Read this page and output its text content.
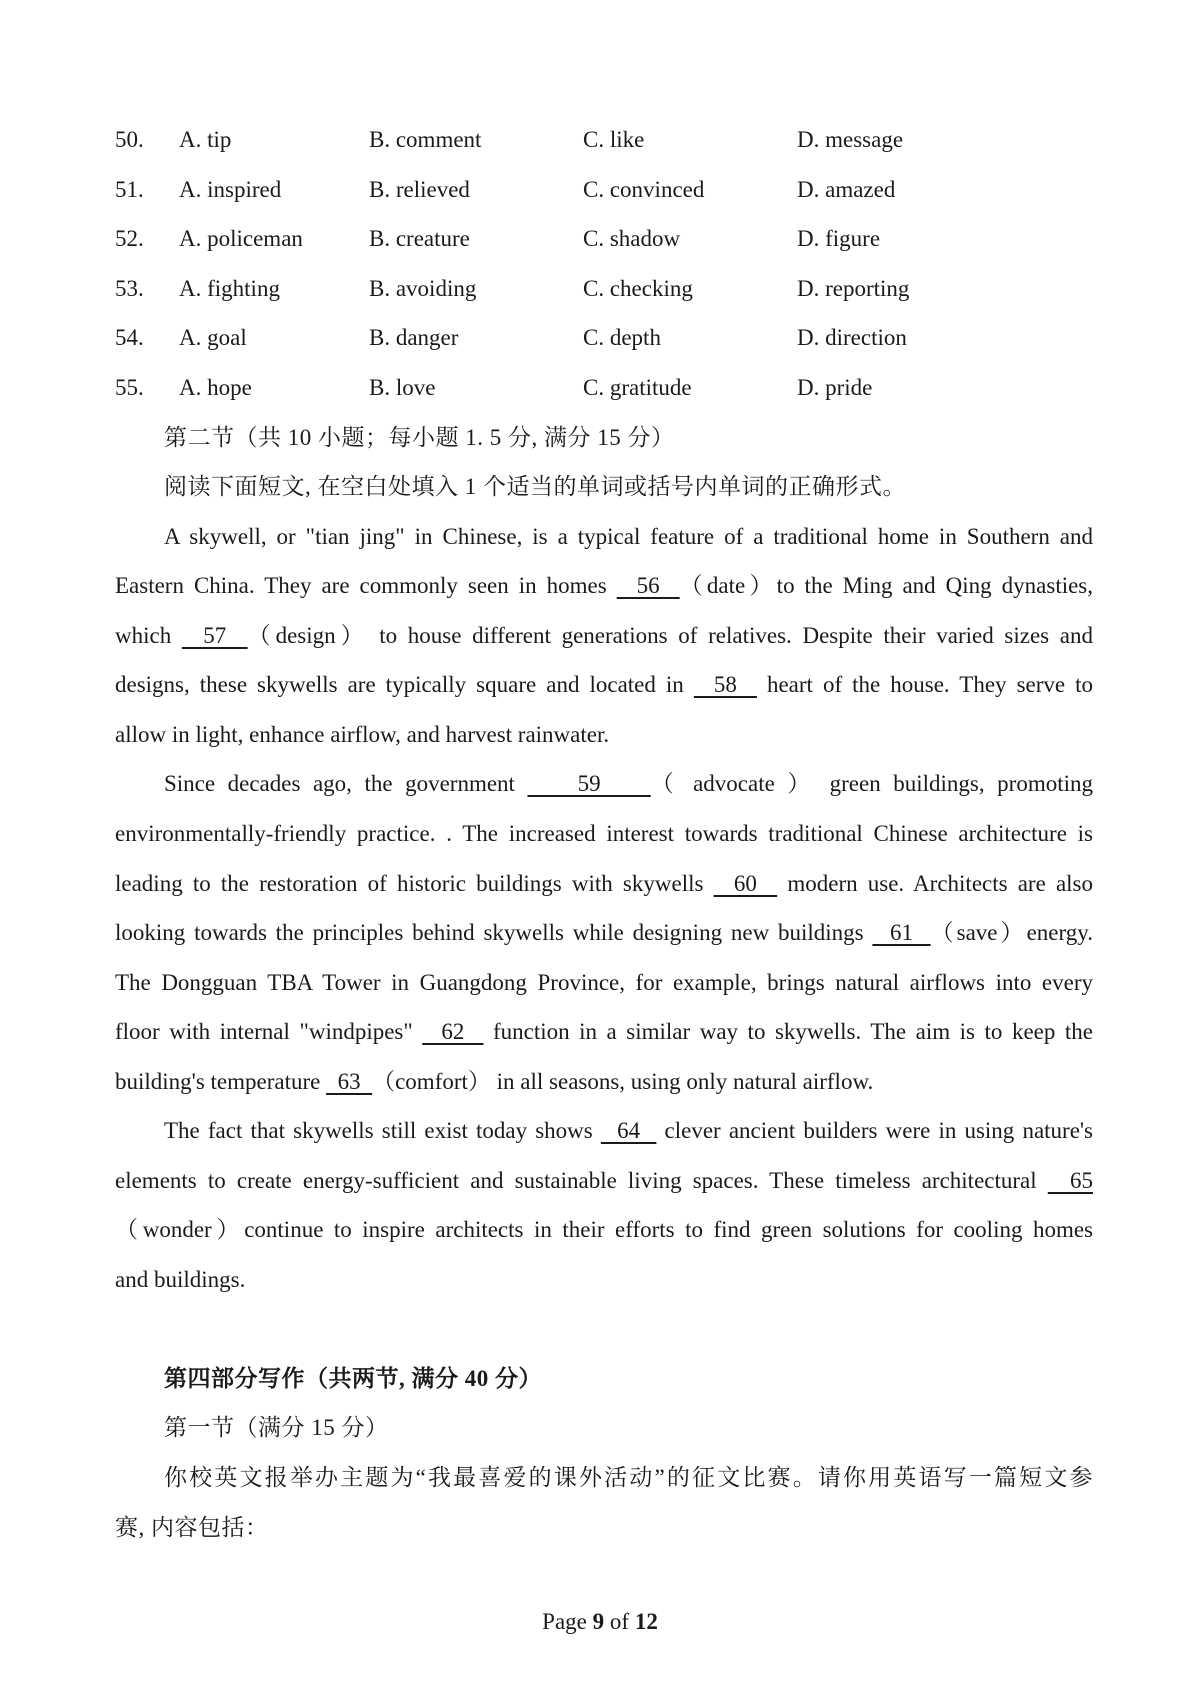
50. A. tip	B. comment	C. like	D. message
51. A. inspired	B. relieved	C. convinced	D. amazed
52. A. policeman	B. creature	C. shadow	D. figure
53. A. fighting	B. avoiding	C. checking	D. reporting
54. A. goal	B. danger	C. depth	D. direction
55. A. hope	B. love	C. gratitude	D. pride
第二节（共 10 小题；每小题 1. 5 分, 满分 15 分）
阅读下面短文, 在空白处填入 1 个适当的单词或括号内单词的正确形式。
A skywell, or "tian jing" in Chinese, is a typical feature of a traditional home in Southern and
Eastern China. They are commonly seen in homes   56  （date）to the Ming and Qing dynasties,
which   57  （design） to house different generations of relatives. Despite their varied sizes and
designs, these skywells are typically square and located in   58   heart of the house. They serve to
allow in light, enhance airflow, and harvest rainwater.
Since decades ago, the government     59    （ advocate ） green buildings, promoting
environmentally-friendly practice. . The increased interest towards traditional Chinese architecture is
leading to the restoration of historic buildings with skywells   60   modern use. Architects are also
looking towards the principles behind skywells while designing new buildings   61  （save）energy.
The Dongguan TBA Tower in Guangdong Province, for example, brings natural airflows into every
floor with internal "windpipes"   62   function in a similar way to skywells. The aim is to keep the
building's temperature   63  （comfort） in all seasons, using only natural airflow.
The fact that skywells still exist today shows   64   clever ancient builders were in using nature's
elements to create energy-sufficient and sustainable living spaces. These timeless architectural   65
（wonder）continue to inspire architects in their efforts to find green solutions for cooling homes
and buildings.
第四部分写作（共两节, 满分 40 分）
第一节（满分 15 分）
你校英文报举办主题为“我最喜爱的课外活动”的征文比赛。请你用英语写一篇短文参
赛, 内容包括：
Page 9 of 12
